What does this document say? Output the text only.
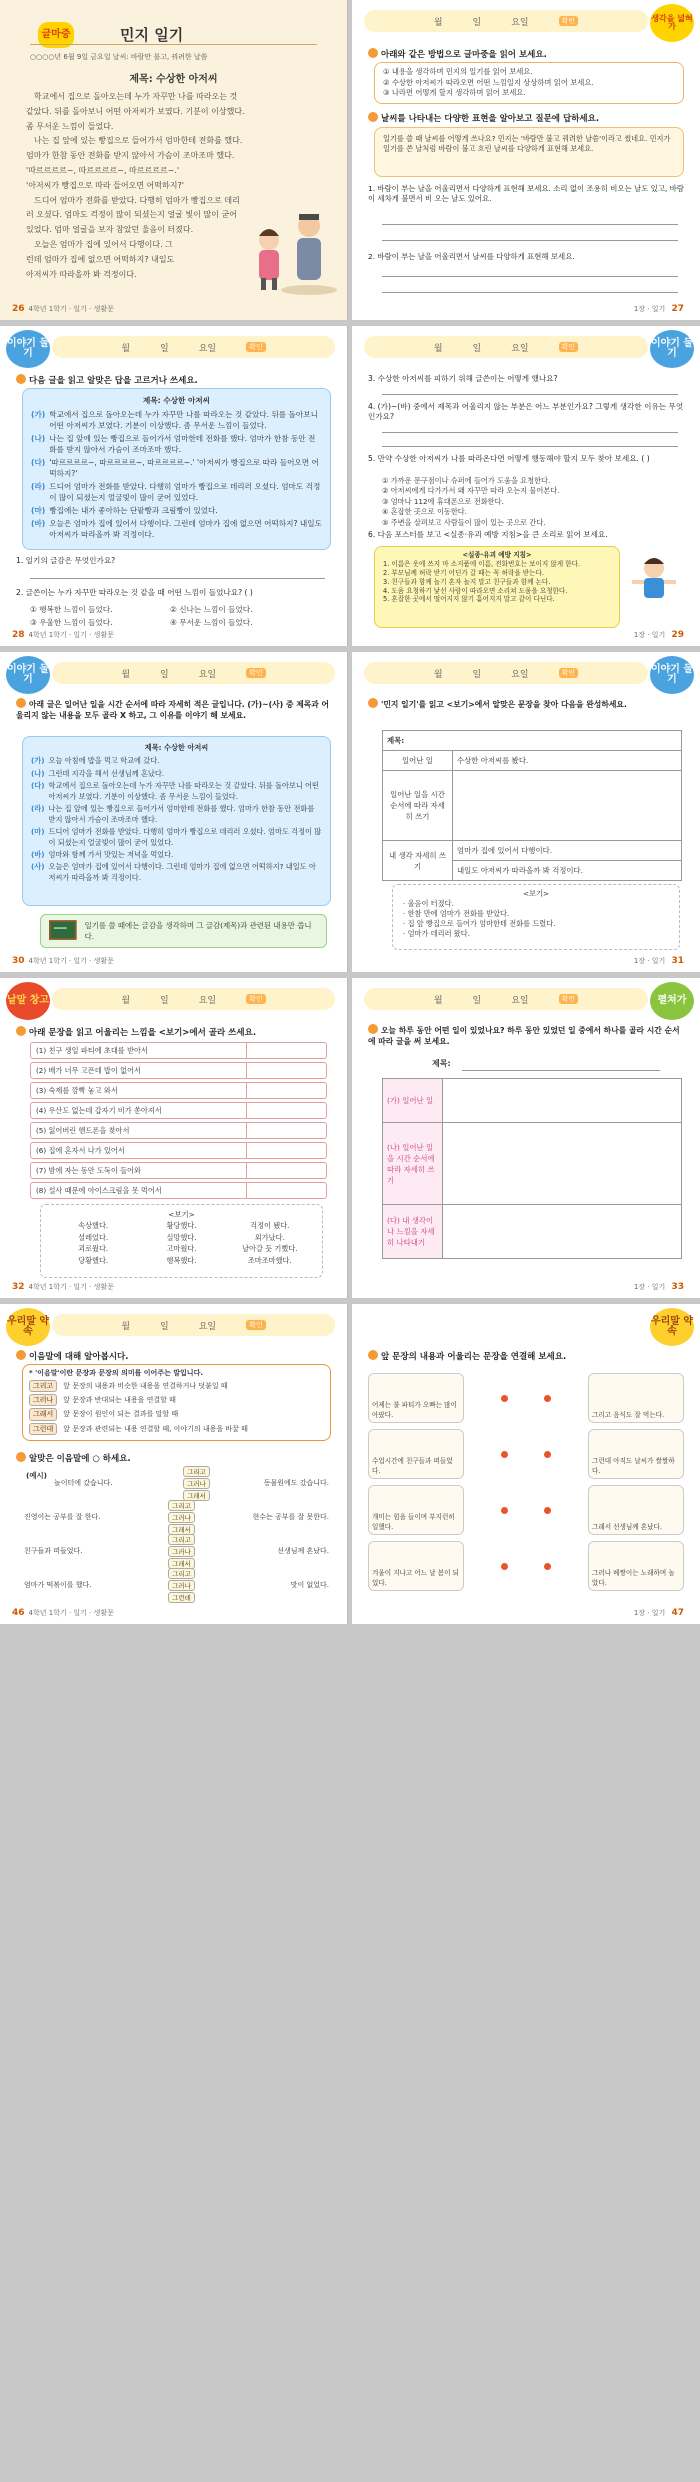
글마중	민지 일기
○○○○년 6월 9일 금요일 날씨: 바람만 불고, 꿔려한 날씀
제목: 수상한 아저씨

학교에서 집으로 돌아오는데 누가 자꾸만 나를 따라오는 것 같았다. 뒤를 돌아보니 어떤 아저씨가 보였다. 기분이 이상했다. 좀 무서운 느낌이 들었다.

나는 집 앞에 있는 빵집으로 들어가서 엄마한테 전화를 했다. 엄마가 한참 동안 전화를 받지 않아서 가슴이 조마조마 했다.

'따르르르르~, 따르르르르~, 따르르르르~.'

'아저씨가 빵집으로 따라 들어오면 어떡하지?'

드디어 엄마가 전화를 받았다. 다행히 엄마가 빵집으로 데리러 오셨다. 엄마도 걱정이 많이 되셨는지 얼굴 빛이 많이 굳어 있었다. 엄마 얼굴을 보자 참았던 울음이 터졌다.

오늘은 엄마가 집에 있어서 다행이다. 그런데 엄마가 집에 없으면 어떡하지? 내일도 아저씨가 따라올까 봐 걱정이다.

26 4학년 1학기 · 일기 · 생활문
월	일	요일	확인	생각을 넓혀가
아래와 같은 방법으로 글마중을 읽어 보세요.
① 내용을 생각하며 민지의 일기를 읽어 보세요.
② 수상한 아저씨가 따라오면 어떤 느낌일지 상상하며 읽어 보세요.
③ 나라면 어떻게 할지 생각하며 읽어 보세요.
날씨를 나타내는 다양한 표현을 알아보고 질문에 답하세요.
일기를 쓸 때 날씨를 어떻게 쓰나요? 민지는 '바람만 불고 꿔려한 날씀'이라고 썼네요. 민지가 일기를 쓴 날처럼 바람이 불고 흐린 날씨를 다양하게 표현해 보세요.
1. 바람이 부는 날을 어울리면서 다양하게 표현해 보세요. 소리 없이 조용히 비오는 날도 있고, 바람이 세차게 불면서 비 오는 날도 있어요.
2. 바람이 부는 날을 어울리면서 날씨를 다양하게 표현해 보세요.
1장 · 일기 27
월	일	요일	확인
이야기 둘기
다음 글을 읽고 알맞은 답을 고르거나 쓰세요.
제목: 수상한 아저씨
(가) 학교에서 집으로 돌아오는데 누가 자꾸만 나를 따라오는 것 같았다. 뒤를 돌아보니 어떤 아저씨가 보였다. 기분이 이상했다. 좀 무서운 느낌이 들었다.
(나) 나는 집 앞에 있는 빵집으로 들어가서 엄마한테 전화를 했다. 엄마가 한참 동안 전화를 받지 않아서 가슴이 조마조마 했다.
(다) '따르르르르~, 따르르르르~, 따르르르르~.' '아저씨가 빵집으로 따라 들어오면 어떡하지?'
(라) 드디어 엄마가 전화를 받았다. 다행히 엄마가 빵집으로 데리러 오셨다. 엄마도 걱정이 많이 되셨는지 얼굴빛이 많이 굳어 있었다.
(마) 빵집에는 내가 좋아하는 단팥빵과 크림빵이 있었다.
(바) 오늘은 엄마가 집에 있어서 다행이다. 그런데 엄마가 집에 없으면 어떡하지? 내일도 아저씨가 따라올까 봐 걱정이다.
1. 일기의 글감은 무엇인가요?
2. 글쓴이는 누가 자꾸만 따라오는 것 같을 때 어떤 느낌이 들었나요? ( )
① 행복한 느낌이 들었다.	② 신나는 느낌이 들었다.
③ 우울한 느낌이 들었다.	④ 무서운 느낌이 들었다.
28 4학년 1학기 · 일기 · 생활문
월	일	요일	확인	이야기 둘기
3. 수상한 아저씨를 피하기 위해 글쓴이는 어떻게 했나요?
4. (가)~(바) 중에서 제목과 어울리지 않는 부분은 어느 부분인가요? 그렇게 생각한 이유는 무엇인가요?
5. 만약 수상한 아저씨가 나를 따라온다면 어떻게 행동해야 할지 모두 찾아 보세요. ( )
① 가까운 문구점이나 슈퍼에 들어가 도움을 요청한다.
② 아저씨에게 다가가서 왜 자꾸만 따라 오는지 물어본다.
③ 엄마나 112에 휴대폰으로 전화한다.
④ 혼잡한 곳으로 이동한다.
⑤ 주변을 살펴보고 사람들이 많이 있는 곳으로 간다.
6. 다음 포스터를 보고 <실종·유괴 예방 지침>을 큰 소리로 읽어 보세요.
<실종·유괴 예방 지침>
1. 이름은 옷에 쓰지 마 소지품에 이름, 전화번호는 보이지 않게 한다.
2. 부모님께 허락 받기 어딘가 갈 때는 꼭 허락을 받는다.
3. 친구들과 함께 놀기 혼자 놀지 말고 친구들과 함께 논다.
4. 도움 요청하기 낯선 사람이 따라오면 소리쳐 도움을 요청한다.
5. 혼잡한 곳에서 떨어지지 않기 흩어지지 말고 같이 다닌다.
1장 · 일기 29
월	일	요일	확인
이야기 둘기
아래 글은 일어난 일을 시간 순서에 따라 자세히 적은 글입니다. (가)~(사) 중 제목과 어울리지 않는 내용을 모두 골라 X 하고, 그 이유를 이야기 해 보세요.
제목: 수상한 아저씨
(가) 오늘 아침에 밥을 먹고 학교에 갔다.
(나) 그런데 지각을 해서 선생님께 혼났다.
(다) 학교에서 집으로 돌아오는데 누가 자꾸만 나를 따라오는 것 같았다. 뒤를 돌아보니 어떤 아저씨가 보였다. 기분이 이상했다. 좀 무서운 느낌이 들었다.
(라) 나는 집 앞에 있는 빵집으로 들어가서 엄마한테 전화를 했다. 엄마가 한참 동안 전화를 받지 않아서 가슴이 조마조마 했다.
(마) 드디어 엄마가 전화를 받았다. 다행히 엄마가 빵집으로 데리러 오셨다. 엄마도 걱정이 많이 되셨는지 얼굴빛이 많이 굳어 있었다.
(바) 엄마와 함께 가서 맛있는 저녁을 먹었다.
(사) 오늘은 엄마가 집에 있어서 다행이다. 그런데 엄마가 집에 없으면 어떡하지? 내일도 아저씨가 따라올까 봐 걱정이다.
일기를 쓸 때에는 글감을 생각하며 그 글감(제목)과 관련된 내용만 씁니다.
30 4학년 1학기 · 일기 · 생활문
월	일	요일	확인	이야기 둘기
'민지 일기'를 읽고 <보기>에서 알맞은 문장을 찾아 다음을 완성하세요.
제목:	
일어난 일	수상한 아저씨를 봤다.
일어난 일을 시간 순서에 따라 자세히 쓰기	
내 생각 자세히 쓰기	엄마가 집에 있어서 다행이다.
	내일도 아저씨가 따라올까 봐 걱정이다.
<보기>
· 울음이 터졌다.
· 한참 만에 엄마가 전화를 받았다.
· 집 앞 빵집으로 들어가 엄마한테 전화를 드렸다.
· 엄마가 데리러 왔다.
1장 · 일기 31
월	일	요일	확인
낱말 창고
아래 문장을 읽고 어울리는 느낌을 <보기>에서 골라 쓰세요.
(1) 친구 생일 파티에 초대를 받아서
(2) 배가 너무 고픈데 밥이 없어서
(3) 숙제를 깜빡 놓고 와서
(4) 우산도 없는데 갑자기 비가 쏟아져서
(5) 잃어버린 핸드폰을 찾아서
(6) 집에 혼자서 나가 있어서
(7) 밤에 자는 동안 도둑이 들어와
(8) 설사 때문에 아이스크림을 못 먹어서
<보기>
속상했다.	황당했다.	걱정이 됐다.
설레었다.	실망했다.	외가났다.
괴로웠다.	고마웠다.	날아갈 듯 기뻤다.
당황했다.	행복했다.	조마조마했다.
32 4학년 1학기 · 일기 · 생활문
월	일	요일	확인	펼쳐가
오늘 하루 동안 어떤 일이 있었나요? 하루 동안 있었던 일 중에서 하나를 골라 시간 순서에 따라 글을 써 보세요.
제목:
(가) 일어난 일	
(나) 일어난 일을 시간 순서에 따라 자세히 쓰기	
(다) 내 생각이나 느낌을 자세히 나타내기	
1장 · 일기 33
월	일	요일	확인
우리말 약속
이음말에 대해 알아봅시다.
* '이음말'이란 문장과 문장의 의미를 이어주는 말입니다.
그리고	앞 문장의 내용과 비슷한 내용을 연결하거나 덧붙일 때
그러나	앞 문장과 반대되는 내용을 연결할 때
그래서	앞 문장이 원인이 되는 결과를 말할 때
그런데	앞 문장과 관련되는 내용 연결할 때, 이야기의 내용을 바꿀 때
알맞은 이음말에 ○ 하세요.
(예시)
놀이터에 갔습니다.
그리고
그러나
그래서
동물원에도 갔습니다.
진영이는 공부를 잘 한다.
그리고
그러나
그래서
현수는 공부를 잘 못한다.
친구들과 떠들었다.
그리고
그러나
그래서
선생님께 혼났다.
엄마가 떡볶이를 했다.
그리고
그러나
그런데
맛이 없었다.
46 4학년 1학기 · 일기 · 생활문
우리말 약속
앞 문장의 내용과 어울리는 문장을 연결해 보세요.
어제는 불 파티가 오빠는 많이 아팠다.	그리고 음식도 잘 먹는다.
수업시간에 친구들과 떠들었다.
그런데 아직도 날씨가 쌀쌀하다.
개미는 힘을 들이며 부지런히 일했다.	그래서 선생님께 혼났다.
겨울이 지나고 어느 날 봄이 되었다.
그러나 베짱이는 노래하며 놀았다.
1장 · 일기 47
